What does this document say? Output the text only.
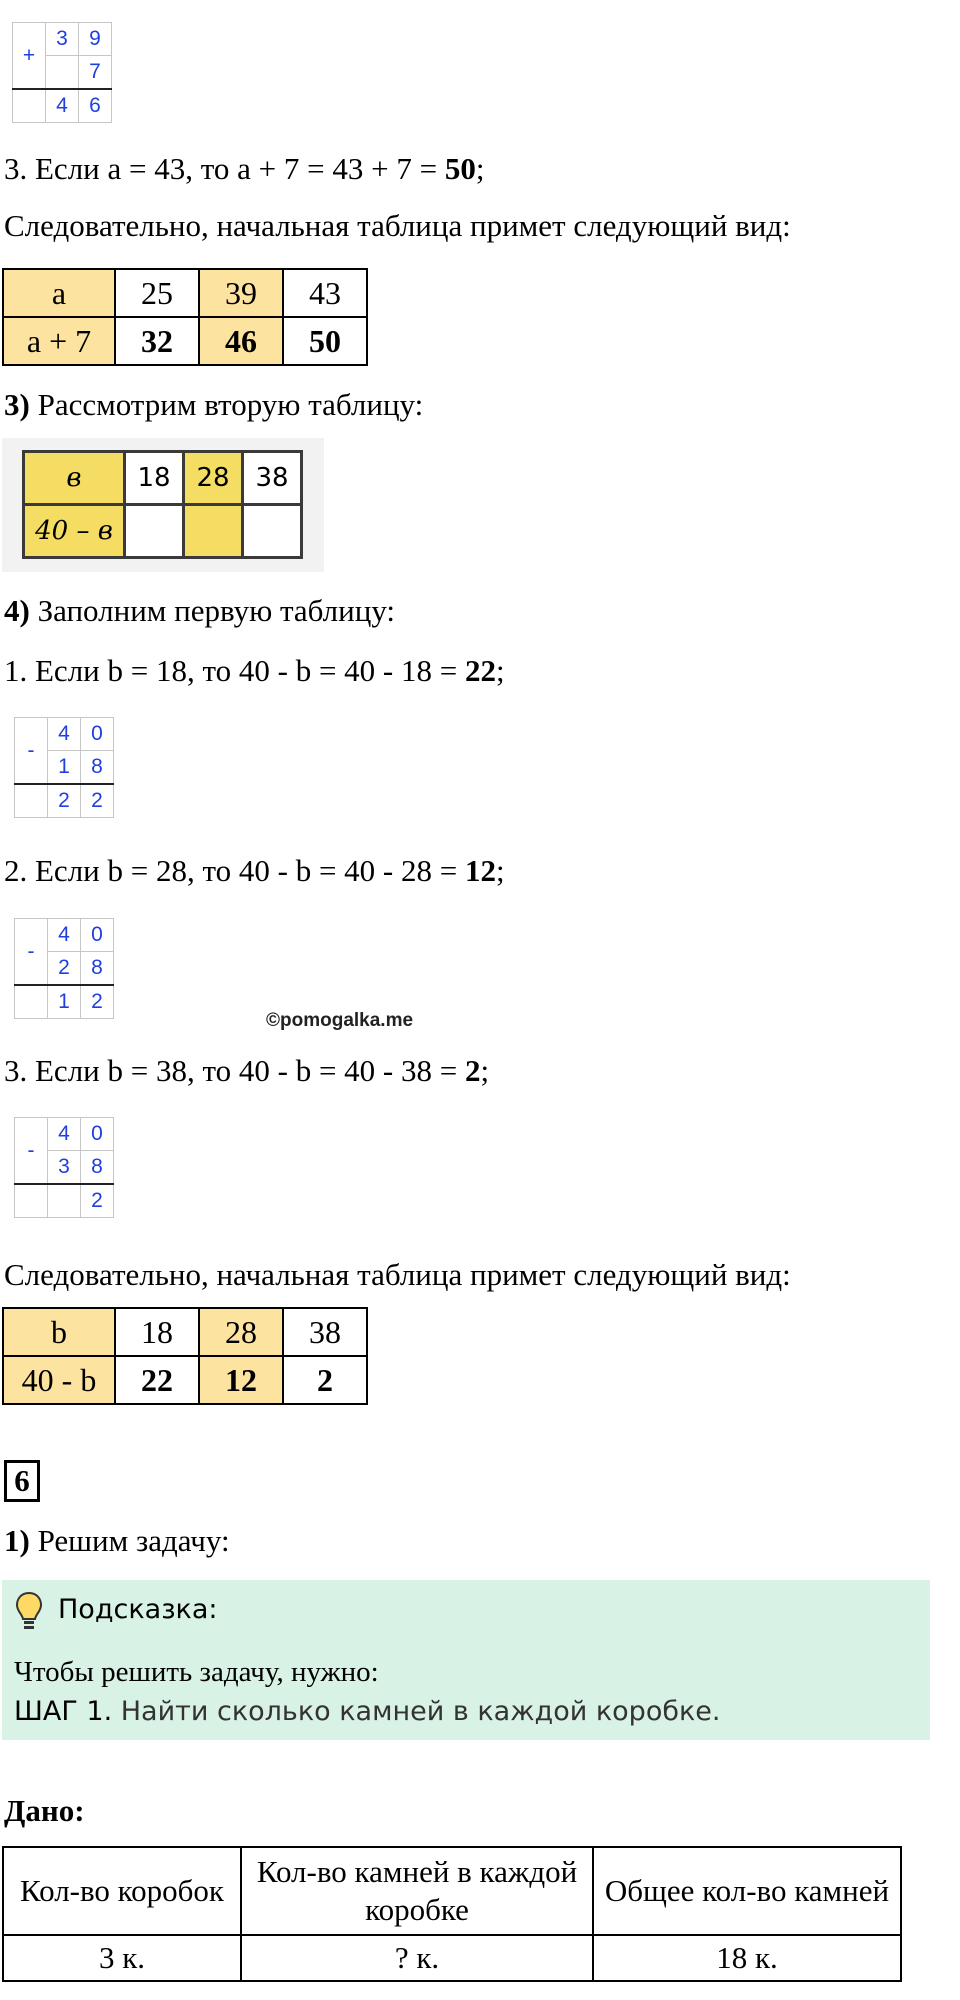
+	3	9
		7
	4	6
3. Если a = 43, то a + 7 = 43 + 7 = 50;
Следовательно, начальная таблица примет следующий вид:
a	25	39	43
a + 7	32	46	50
3) Рассмотрим вторую таблицу:
в	18	28	38
40 – в			
4) Заполним первую таблицу:
1. Если b = 18, то 40 - b = 40 - 18 = 22;
-	4	0
	1	8
	2	2
2. Если b = 28, то 40 - b = 40 - 28 = 12;
-	4	0
	2	8
	1	2
©pomogalka.me
3. Если b = 38, то 40 - b = 40 - 38 = 2;
-	4	0
	3	8
		2
Следовательно, начальная таблица примет следующий вид:
b	18	28	38
40 - b	22	12	2
6
1) Решим задачу:
Подсказка:
Чтобы решить задачу, нужно:
ШАГ 1. Найти сколько камней в каждой коробке.
Дано:
Кол-во коробок	Кол-во камней в каждой коробке	Общее кол-во камней
3 к.	? к.	18 к.
